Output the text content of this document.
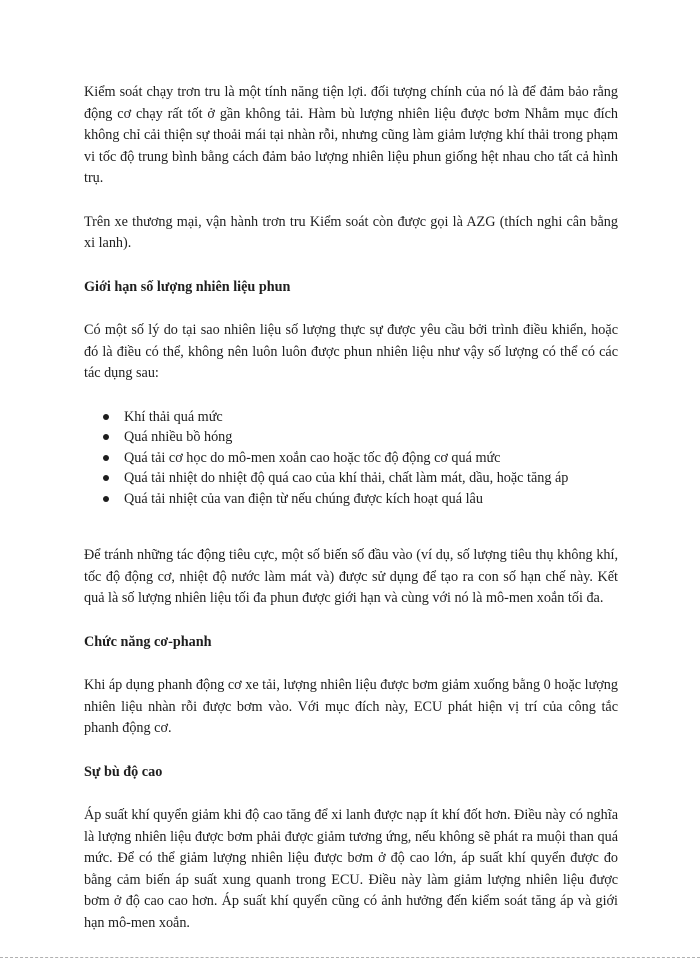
Kiểm soát chạy trơn tru là một tính năng tiện lợi. đối tượng chính của nó là để đảm bảo rằng động cơ chạy rất tốt ở gần không tải. Hàm bù lượng nhiên liệu được bơm Nhằm mục đích không chỉ cải thiện sự thoải mái tại nhàn rỗi, nhưng cũng làm giảm lượng khí thải trong phạm vi tốc độ trung bình bằng cách đảm bảo lượng nhiên liệu phun giống hệt nhau cho tất cả hình trụ.

Trên xe thương mại, vận hành trơn tru Kiểm soát còn được gọi là AZG (thích nghi cân bằng xi lanh).

Giới hạn số lượng nhiên liệu phun

Có một số lý do tại sao nhiên liệu số lượng thực sự được yêu cầu bởi trình điều khiển, hoặc đó là điều có thể, không nên luôn luôn được phun nhiên liệu như vậy số lượng có thể có các tác dụng sau:

Khí thải quá mức
Quá nhiều bồ hóng
Quá tải cơ học do mô-men xoắn cao hoặc tốc độ động cơ quá mức
Quá tải nhiệt do nhiệt độ quá cao của khí thải, chất làm mát, dầu, hoặc tăng áp
Quá tải nhiệt của van điện từ nếu chúng được kích hoạt quá lâu

Để tránh những tác động tiêu cực, một số biến số đầu vào (ví dụ, số lượng tiêu thụ không khí, tốc độ động cơ, nhiệt độ nước làm mát và) được sử dụng để tạo ra con số hạn chế này. Kết quả là số lượng nhiên liệu tối đa phun được giới hạn và cùng với nó là mô-men xoắn tối đa.

Chức năng cơ-phanh

Khi áp dụng phanh động cơ xe tải, lượng nhiên liệu được bơm giảm xuống bằng 0 hoặc lượng nhiên liệu nhàn rỗi được bơm vào. Với mục đích này, ECU phát hiện vị trí của công tắc phanh động cơ.

Sự bù độ cao

Áp suất khí quyển giảm khi độ cao tăng để xi lanh được nạp ít khí đốt hơn. Điều này có nghĩa là lượng nhiên liệu được bơm phải được giảm tương ứng, nếu không sẽ phát ra muội than quá mức. Để có thể giảm lượng nhiên liệu được bơm ở độ cao lớn, áp suất khí quyển được đo bằng cảm biến áp suất xung quanh trong ECU. Điều này làm giảm lượng nhiên liệu được bơm ở độ cao cao hơn. Áp suất khí quyển cũng có ảnh hưởng đến kiểm soát tăng áp và giới hạn mô-men xoắn.
